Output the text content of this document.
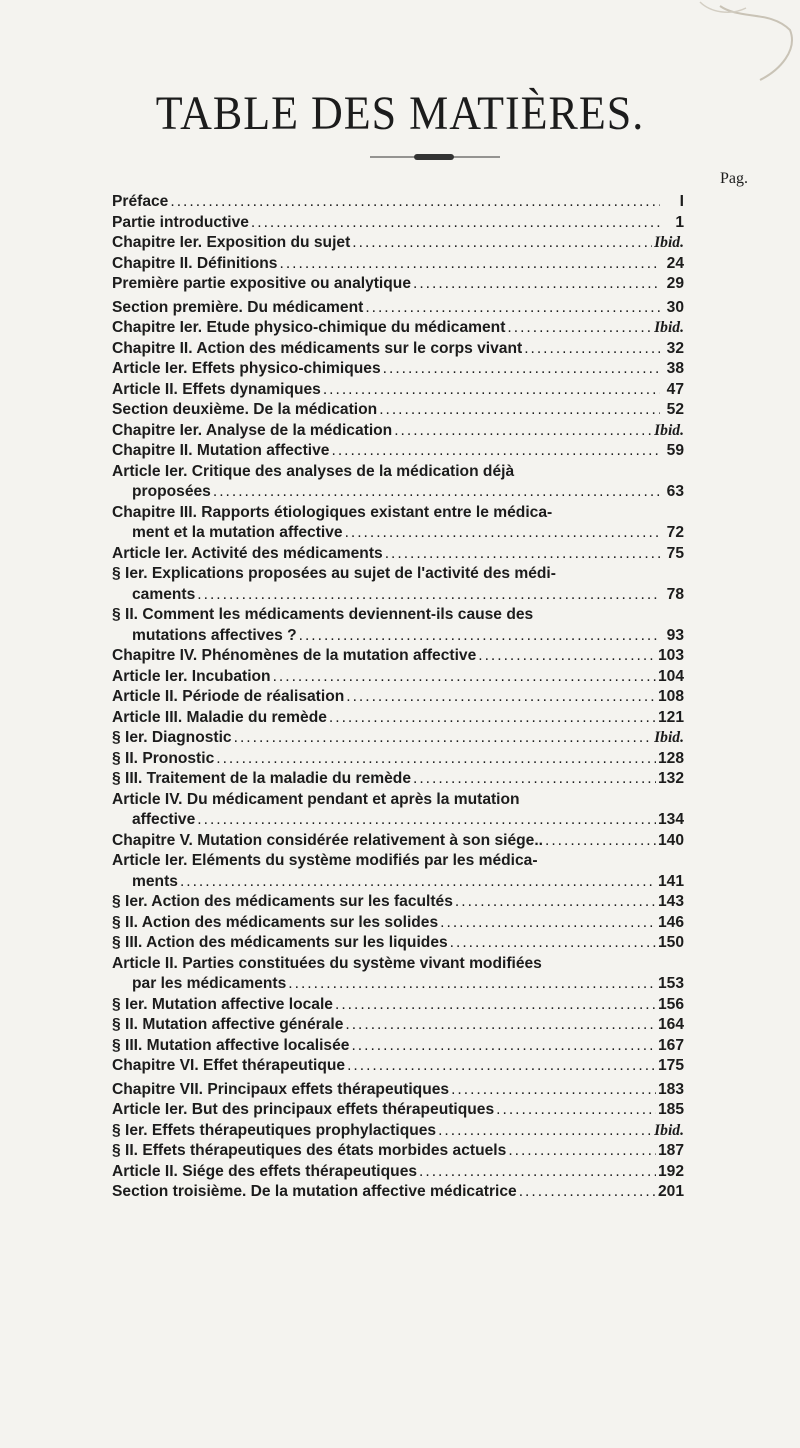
TABLE DES MATIÈRES.
Pag.
Préface .....	I
Partie introductive .....	1
Chapitre Ier. Exposition du sujet .....	Ibid.
Chapitre II. Définitions .....	24
Première partie expositive ou analytique .....	29
Section première. Du médicament .....	30
Chapitre Ier. Etude physico-chimique du médicament .....	Ibid.
Chapitre II. Action des médicaments sur le corps vivant .....	32
Article Ier. Effets physico-chimiques .....	38
Article II. Effets dynamiques .....	47
Section deuxième. De la médication .....	52
Chapitre Ier. Analyse de la médication .....	Ibid.
Chapitre II. Mutation affective .....	59
Article Ier. Critique des analyses de la médication déjà
proposées .....	63
Chapitre III. Rapports étiologiques existant entre le médica-
ment et la mutation affective .....	72
Article Ier. Activité des médicaments .....	75
§ Ier. Explications proposées au sujet de l'activité des médi-
caments .....	78
§ II. Comment les médicaments deviennent-ils cause des
mutations affectives ? .....	93
Chapitre IV. Phénomènes de la mutation affective .....	103
Article Ier. Incubation .....	104
Article II. Période de réalisation .....	108
Article III. Maladie du remède .....	121
§ Ier. Diagnostic .....	Ibid.
§ II. Pronostic .....	128
§ III. Traitement de la maladie du remède .....	132
Article IV. Du médicament pendant et après la mutation
affective .....	134
Chapitre V. Mutation considérée relativement à son siége.. .....	140
Article Ier. Eléments du système modifiés par les médica-
ments .....	141
§ Ier. Action des médicaments sur les facultés .....	143
§ II. Action des médicaments sur les solides .....	146
§ III. Action des médicaments sur les liquides .....	150
Article II. Parties constituées du système vivant modifiées
par les médicaments .....	153
§ Ier. Mutation affective locale .....	156
§ II. Mutation affective générale .....	164
§ III. Mutation affective localisée .....	167
Chapitre VI. Effet thérapeutique .....	175
Chapitre VII. Principaux effets thérapeutiques .....	183
Article Ier. But des principaux effets thérapeutiques .....	185
§ Ier. Effets thérapeutiques prophylactiques .....	Ibid.
§ II. Effets thérapeutiques des états morbides actuels .....	187
Article II. Siége des effets thérapeutiques .....	192
Section troisième. De la mutation affective médicatrice .....	201
